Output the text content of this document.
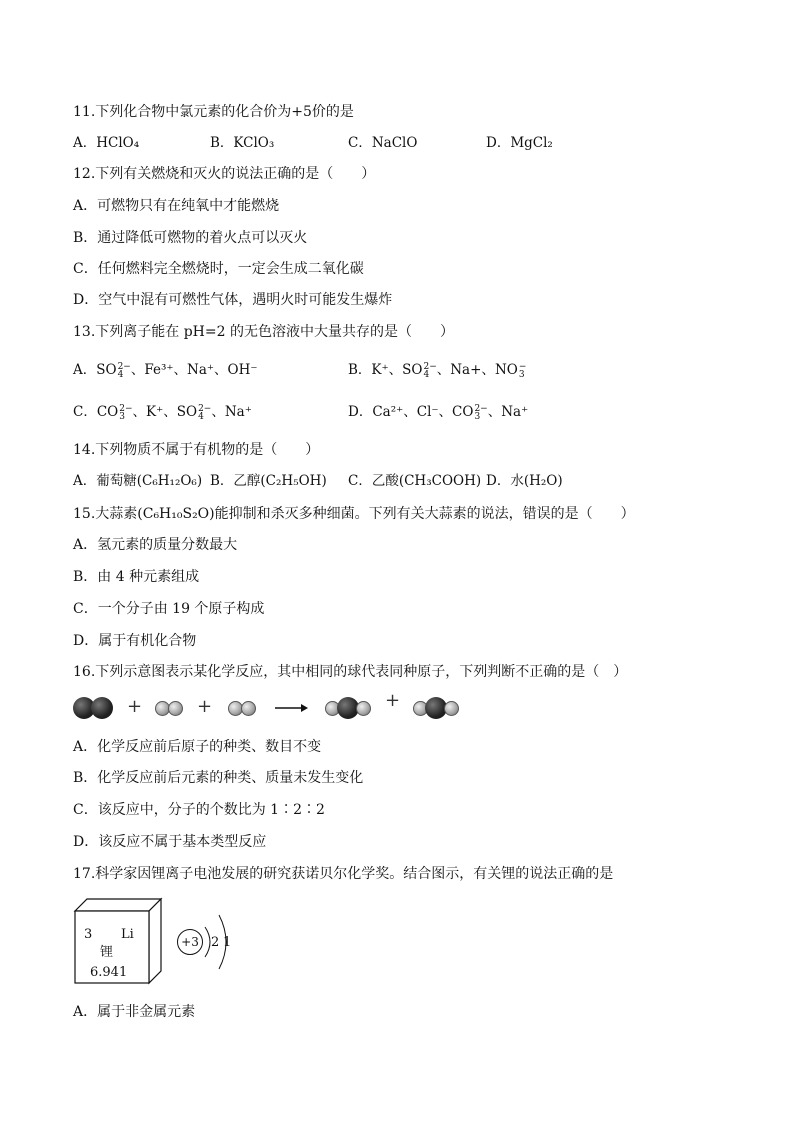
11.下列化合物中氯元素的化合价为+5价的是
A．HClO₄	B．KClO₃	C．NaClO	D．MgCl₂
12.下列有关燃烧和灭火的说法正确的是（　　）
A．可燃物只有在纯氧中才能燃烧
B．通过降低可燃物的着火点可以灭火
C．任何燃料完全燃烧时，一定会生成二氧化碳
D．空气中混有可燃性气体，遇明火时可能发生爆炸
13.下列离子能在 pH=2 的无色溶液中大量共存的是（　　）
A．SO 2−
4 、Fe³⁺、Na⁺、OH⁻	B．K⁺、SO 2−
4 、Na+、NO −
3
C．CO 2−
3 、K⁺、SO 2−
4 、Na⁺	D．Ca²⁺、Cl⁻、CO 2−
3 、Na⁺
14.下列物质不属于有机物的是（　　）
A．葡萄糖(C₆H₁₂O₆) B．乙醇(C₂H₅OH) C．乙酸(CH₃COOH) D．水(H₂O)
15.大蒜素(C₆H₁₀S₂O)能抑制和杀灭多种细菌。下列有关大蒜素的说法，错误的是（　　）
A．氢元素的质量分数最大
B．由 4 种元素组成
C．一个分子由 19 个原子构成
D．属于有机化合物
16.下列示意图表示某化学反应，其中相同的球代表同种原子，下列判断不正确的是（　）
+	+	+
A．化学反应前后原子的种类、数目不变
B．化学反应前后元素的种类、质量未发生变化
C．该反应中，分子的个数比为 1∶2∶2
D．该反应不属于基本类型反应
17.科学家因锂离子电池发展的研究获诺贝尔化学奖。结合图示，有关锂的说法正确的是
3 Li
锂
6.941
+3 2 1
A．属于非金属元素
